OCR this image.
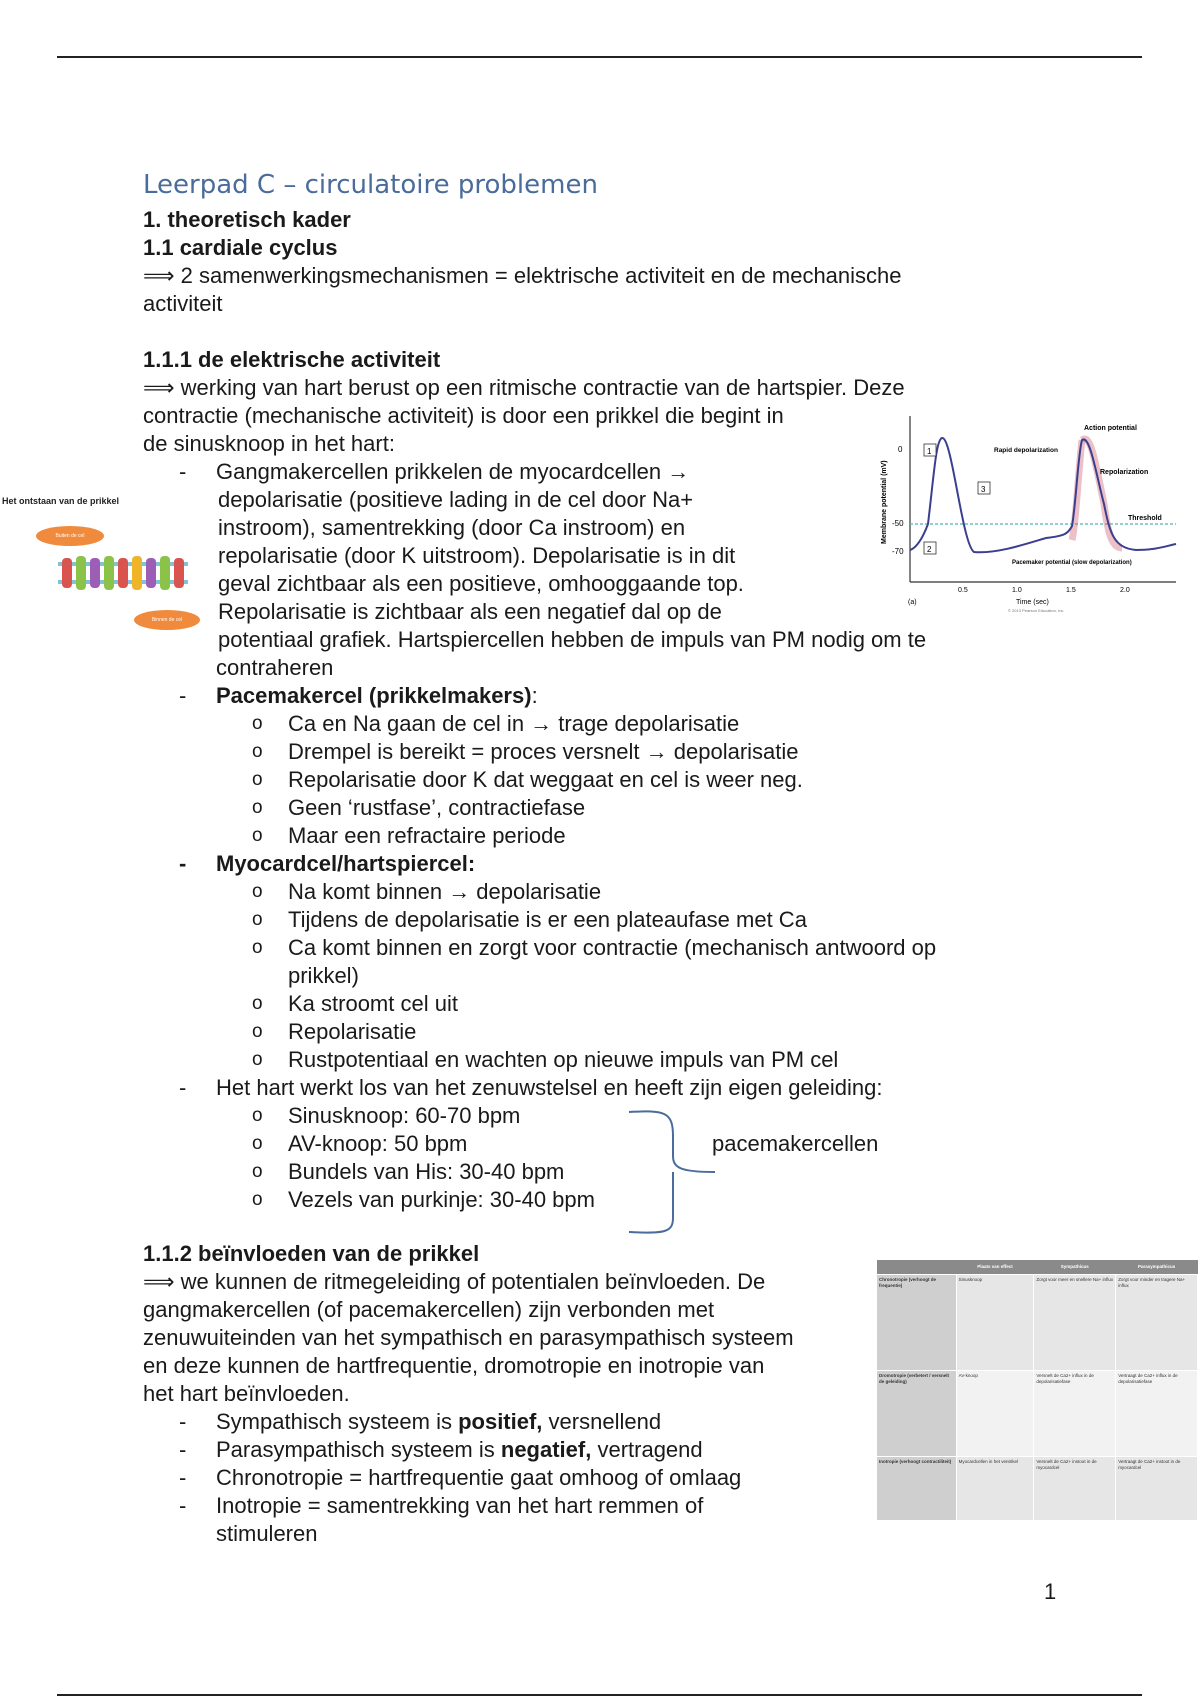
Leerpad C – circulatoire problemen
1. theoretisch kader
1.1 cardiale cyclus
⟹ 2 samenwerkingsmechanismen = elektrische activiteit en de mechanische
activiteit
1.1.1 de elektrische activiteit
⟹ werking van hart berust op een ritmische contractie van de hartspier. Deze
contractie (mechanische activiteit) is door een prikkel die begint in
de sinusknoop in het hart:
- Gangmakercellen prikkelen de myocardcellen →
depolarisatie (positieve lading in de cel door Na+
instroom), samentrekking (door Ca instroom) en
repolarisatie (door K uitstroom). Depolarisatie is in dit
geval zichtbaar als een positieve, omhooggaande top.
Repolarisatie is zichtbaar als een negatief dal op de
potentiaal grafiek. Hartspiercellen hebben de impuls van PM nodig om te
contraheren
- Pacemakercel (prikkelmakers):
o Ca en Na gaan de cel in → trage depolarisatie
o Drempel is bereikt = proces versnelt → depolarisatie
o Repolarisatie door K dat weggaat en cel is weer neg.
o Geen ‘rustfase’, contractiefase
o Maar een refractaire periode
- Myocardcel/hartspiercel:
o Na komt binnen → depolarisatie
o Tijdens de depolarisatie is er een plateaufase met Ca
o Ca komt binnen en zorgt voor contractie (mechanisch antwoord op
prikkel)
o Ka stroomt cel uit
o Repolarisatie
o Rustpotentiaal en wachten op nieuwe impuls van PM cel
- Het hart werkt los van het zenuwstelsel en heeft zijn eigen geleiding:
o Sinusknoop: 60-70 bpm
o AV-knoop: 50 bpm
o Bundels van His: 30-40 bpm
o Vezels van purkinje: 30-40 bpm
pacemakercellen
Het ontstaan van de prikkel
Buiten de cel
Binnen de cel
Membrane potential (mV)
0
-50
-70
1
3
2
Action potential
Rapid depolarization
Repolarization
Threshold
Pacemaker potential (slow depolarization)
0.5	1.0	1.5	2.0
(a)	Time (sec)
© 2013 Pearson Education, Inc.
1.1.2 beïnvloeden van de prikkel
⟹ we kunnen de ritmegeleiding of potentialen beïnvloeden. De
gangmakercellen (of pacemakercellen) zijn verbonden met
zenuwuiteinden van het sympathisch en parasympathisch systeem
en deze kunnen de hartfrequentie, dromotropie en inotropie van
het hart beïnvloeden.
- Sympathisch systeem is positief, versnellend
- Parasympathisch systeem is negatief, vertragend
- Chronotropie = hartfrequentie gaat omhoog of omlaag
- Inotropie = samentrekking van het hart remmen of
stimuleren
	Plaats van effect	Sympathicus	Parasympathicus
Chronotropie (verhoogt de frequentie)	Sinusknoop	Zorgt voor meer en snellere Na+ influx	Zorgt voor minder en tragere Na+ influx
Dromotropie (verbetert / versnelt de geleiding)	AV-knoop	Versnelt de Ca2+ influx in de depolarisatiefase	Vertraagt de Ca2+ influx in de depolarisatiefase
Inotropie (verhoogt contractiliteit)	Myocardcellen in het ventrikel	Versnelt de Ca2+ instoot in de myocardcel	Vertraagt de Ca2+ instoot in de myocardcel
1
